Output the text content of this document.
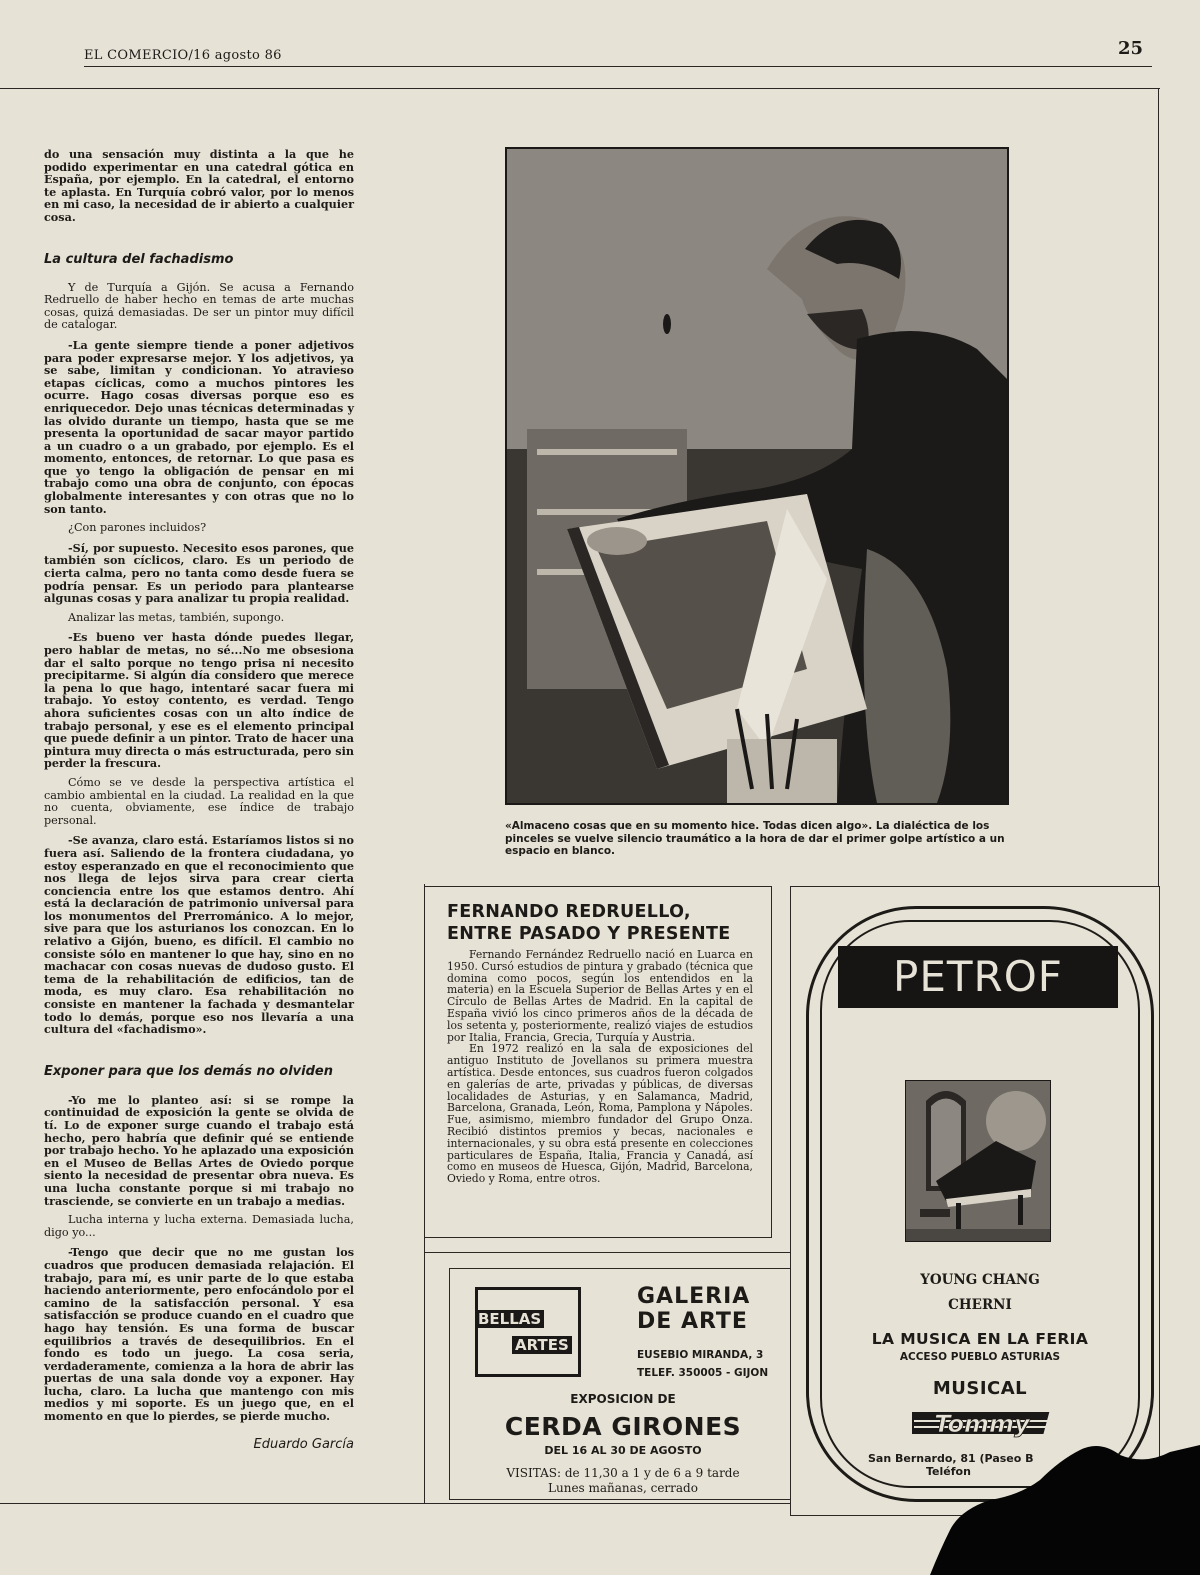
EL COMERCIO/16 agosto 86	25

do una sensación muy distinta a la que he podido experimentar en una catedral gótica en España, por ejemplo. En la catedral, el entorno te aplasta. En Turquía cobró valor, por lo menos en mi caso, la necesidad de ir abierto a cualquier cosa.

La cultura del fachadismo

Y de Turquía a Gijón. Se acusa a Fernando Redruello de haber hecho en temas de arte muchas cosas, quizá demasiadas. De ser un pintor muy difícil de catalogar.

-La gente siempre tiende a poner adjetivos para poder expresarse mejor. Y los adjetivos, ya se sabe, limitan y condicionan. Yo atravieso etapas cíclicas, como a muchos pintores les ocurre. Hago cosas diversas porque eso es enriquecedor. Dejo unas técnicas determinadas y las olvido durante un tiempo, hasta que se me presenta la oportunidad de sacar mayor partido a un cuadro o a un grabado, por ejemplo. Es el momento, entonces, de retornar. Lo que pasa es que yo tengo la obligación de pensar en mi trabajo como una obra de conjunto, con épocas globalmente interesantes y con otras que no lo son tanto.

¿Con parones incluidos?

-Sí, por supuesto. Necesito esos parones, que también son cíclicos, claro. Es un periodo de cierta calma, pero no tanta como desde fuera se podría pensar. Es un periodo para plantearse algunas cosas y para analizar tu propia realidad.

Analizar las metas, también, supongo.

-Es bueno ver hasta dónde puedes llegar, pero hablar de metas, no sé...No me obsesiona dar el salto porque no tengo prisa ni necesito precipitarme. Si algún día considero que merece la pena lo que hago, intentaré sacar fuera mi trabajo. Yo estoy contento, es verdad. Tengo ahora suficientes cosas con un alto índice de trabajo personal, y ese es el elemento principal que puede definir a un pintor. Trato de hacer una pintura muy directa o más estructurada, pero sin perder la frescura.

Cómo se ve desde la perspectiva artística el cambio ambiental en la ciudad. La realidad en la que no cuenta, obviamente, ese índice de trabajo personal.

-Se avanza, claro está. Estaríamos listos si no fuera así. Saliendo de la frontera ciudadana, yo estoy esperanzado en que el reconocimiento que nos llega de lejos sirva para crear cierta conciencia entre los que estamos dentro. Ahí está la declaración de patrimonio universal para los monumentos del Prerrománico. A lo mejor, sive para que los asturianos los conozcan. En lo relativo a Gijón, bueno, es difícil. El cambio no consiste sólo en mantener lo que hay, sino en no machacar con cosas nuevas de dudoso gusto. El tema de la rehabilitación de edificios, tan de moda, es muy claro. Esa rehabilitación no consiste en mantener la fachada y desmantelar todo lo demás, porque eso nos llevaría a una cultura del «fachadismo».

Exponer para que los demás no olviden

-Yo me lo planteo así: si se rompe la continuidad de exposición la gente se olvida de tí. Lo de exponer surge cuando el trabajo está hecho, pero habría que definir qué se entiende por trabajo hecho. Yo he aplazado una exposición en el Museo de Bellas Artes de Oviedo porque siento la necesidad de presentar obra nueva. Es una lucha constante porque si mi trabajo no trasciende, se convierte en un trabajo a medias.

Lucha interna y lucha externa. Demasiada lucha, digo yo...

-Tengo que decir que no me gustan los cuadros que producen demasiada relajación. El trabajo, para mí, es unir parte de lo que estaba haciendo anteriormente, pero enfocándolo por el camino de la satisfacción personal. Y esa satisfacción se produce cuando en el cuadro que hago hay tensión. Es una forma de buscar equilibrios a través de desequilibrios. En el fondo es todo un juego. La cosa seria, verdaderamente, comienza a la hora de abrir las puertas de una sala donde voy a exponer. Hay lucha, claro. La lucha que mantengo con mis medios y mi soporte. Es un juego que, en el momento en que lo pierdes, se pierde mucho.

Eduardo García
«Almaceno cosas que en su momento hice. Todas dicen algo». La dialéctica de los pinceles se vuelve silencio traumático a la hora de dar el primer golpe artístico a un espacio en blanco.
FERNANDO REDRUELLO,
ENTRE PASADO Y PRESENTE

Fernando Fernández Redruello nació en Luarca en 1950. Cursó estudios de pintura y grabado (técnica que domina como pocos, según los entendidos en la materia) en la Escuela Superior de Bellas Artes y en el Círculo de Bellas Artes de Madrid. En la capital de España vivió los cinco primeros años de la década de los setenta y, posteriormente, realizó viajes de estudios por Italia, Francia, Grecia, Turquía y Austria.

En 1972 realizó en la sala de exposiciones del antiguo Instituto de Jovellanos su primera muestra artística. Desde entonces, sus cuadros fueron colgados en galerías de arte, privadas y públicas, de diversas localidades de Asturias, y en Salamanca, Madrid, Barcelona, Granada, León, Roma, Pamplona y Nápoles. Fue, asimismo, miembro fundador del Grupo Onza. Recibió distintos premios y becas, nacionales e internacionales, y su obra está presente en colecciones particulares de España, Italia, Francia y Canadá, así como en museos de Huesca, Gijón, Madrid, Barcelona, Oviedo y Roma, entre otros.

BELLAS
ARTES
GALERIA
DE ARTE
EUSEBIO MIRANDA, 3
TELEF. 350005 - GIJON
EXPOSICION DE
CERDA GIRONES
DEL 16 AL 30 DE AGOSTO
VISITAS: de 11,30 a 1 y de 6 a 9 tarde
Lunes mañanas, cerrado
PETROF
YOUNG CHANG
CHERNI
LA MUSICA EN LA FERIA
ACCESO PUEBLO ASTURIAS
MUSICAL
Tommy
San Bernardo, 81 (Paseo B
Teléfon
